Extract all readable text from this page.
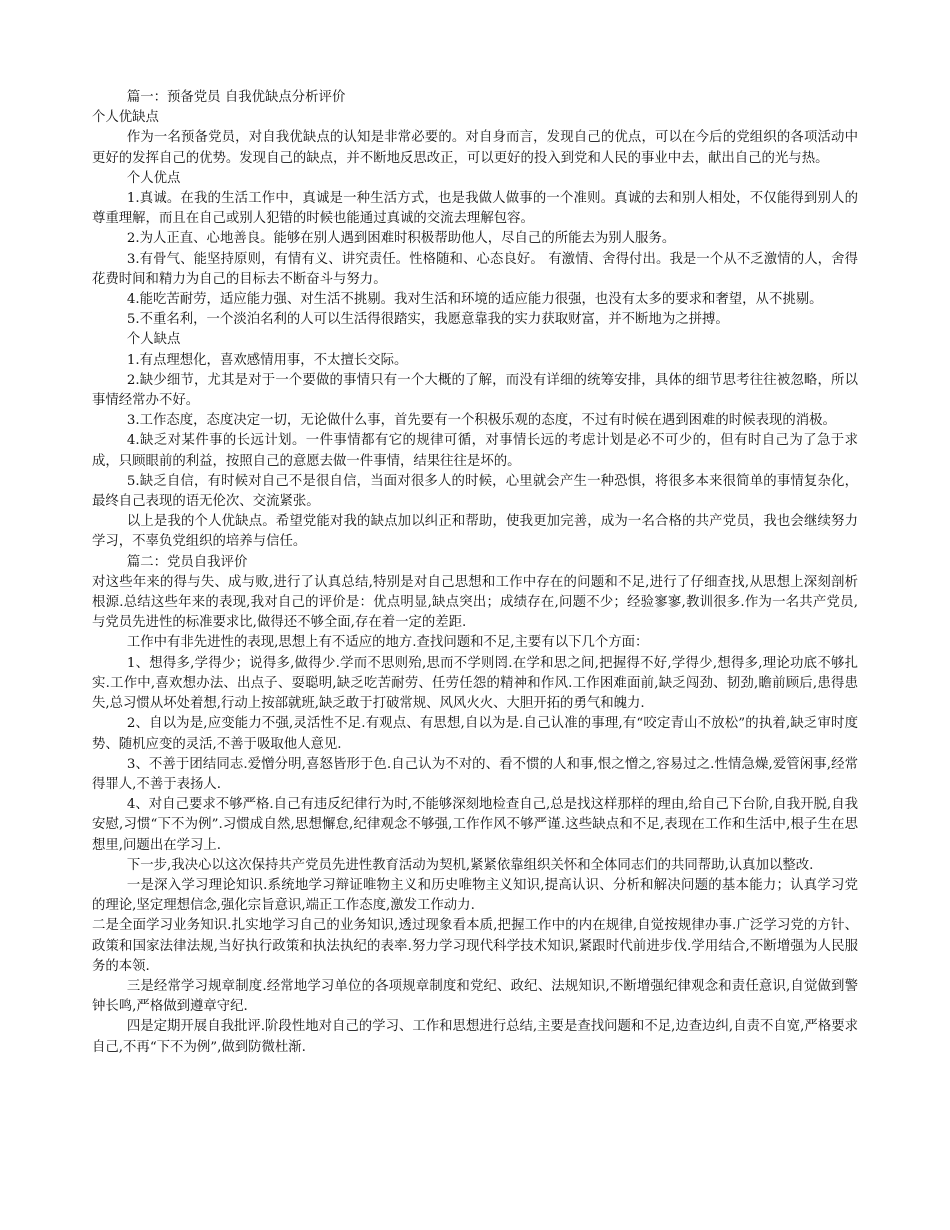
篇一：预备党员 自我优缺点分析评价

个人优缺点

作为一名预备党员，对自我优缺点的认知是非常必要的。对自身而言，发现自己的优点，可以在今后的党组织的各项活动中更好的发挥自己的优势。发现自己的缺点，并不断地反思改正，可以更好的投入到党和人民的事业中去，献出自己的光与热。

个人优点

1.真诚。在我的生活工作中，真诚是一种生活方式，也是我做人做事的一个准则。真诚的去和别人相处，不仅能得到别人的尊重理解，而且在自己或别人犯错的时候也能通过真诚的交流去理解包容。

2.为人正直、心地善良。能够在别人遇到困难时积极帮助他人，尽自己的所能去为别人服务。

3.有骨气、能坚持原则，有情有义、讲究责任。性格随和、心态良好。 有激情、舍得付出。我是一个从不乏激情的人，舍得花费时间和精力为自己的目标去不断奋斗与努力。

4.能吃苦耐劳，适应能力强、对生活不挑剔。我对生活和环境的适应能力很强，也没有太多的要求和奢望，从不挑剔。

5.不重名利，一个淡泊名利的人可以生活得很踏实，我愿意靠我的实力获取财富，并不断地为之拼搏。

个人缺点

1.有点理想化，喜欢感情用事，不太擅长交际。

2.缺少细节，尤其是对于一个要做的事情只有一个大概的了解，而没有详细的统筹安排，具体的细节思考往往被忽略，所以事情经常办不好。

3.工作态度，态度决定一切，无论做什么事，首先要有一个积极乐观的态度，不过有时候在遇到困难的时候表现的消极。

4.缺乏对某件事的长远计划。一件事情都有它的规律可循，对事情长远的考虑计划是必不可少的，但有时自己为了急于求成，只顾眼前的利益，按照自己的意愿去做一件事情，结果往往是坏的。

5.缺乏自信，有时候对自己不是很自信，当面对很多人的时候，心里就会产生一种恐惧，将很多本来很简单的事情复杂化，最终自己表现的语无伦次、交流紧张。

以上是我的个人优缺点。希望党能对我的缺点加以纠正和帮助，使我更加完善，成为一名合格的共产党员，我也会继续努力学习，不辜负党组织的培养与信任。

篇二：党员自我评价

对这些年来的得与失、成与败,进行了认真总结,特别是对自己思想和工作中存在的问题和不足,进行了仔细查找,从思想上深刻剖析根源.总结这些年来的表现,我对自己的评价是：优点明显,缺点突出；成绩存在,问题不少；经验寥寥,教训很多.作为一名共产党员,与党员先进性的标准要求比,做得还不够全面,存在着一定的差距.

工作中有非先进性的表现,思想上有不适应的地方.查找问题和不足,主要有以下几个方面：

1、想得多,学得少；说得多,做得少.学而不思则殆,思而不学则罔.在学和思之间,把握得不好,学得少,想得多,理论功底不够扎实.工作中,喜欢想办法、出点子、耍聪明,缺乏吃苦耐劳、任劳任怨的精神和作风.工作困难面前,缺乏闯劲、韧劲,瞻前顾后,患得患失,总习惯从坏处着想,行动上按部就班,缺乏敢于打破常规、风风火火、大胆开拓的勇气和魄力.

2、自以为是,应变能力不强,灵活性不足.有观点、有思想,自以为是.自己认准的事理,有“咬定青山不放松”的执着,缺乏审时度势、随机应变的灵活,不善于吸取他人意见.

3、不善于团结同志.爱憎分明,喜怒皆形于色.自己认为不对的、看不惯的人和事,恨之憎之,容易过之.性情急燥,爱管闲事,经常得罪人,不善于表扬人.

4、对自己要求不够严格.自己有违反纪律行为时,不能够深刻地检查自己,总是找这样那样的理由,给自己下台阶,自我开脱,自我安慰,习惯“下不为例”.习惯成自然,思想懈怠,纪律观念不够强,工作作风不够严谨.这些缺点和不足,表现在工作和生活中,根子生在思想里,问题出在学习上.

下一步,我决心以这次保持共产党员先进性教育活动为契机,紧紧依靠组织关怀和全体同志们的共同帮助,认真加以整改.

一是深入学习理论知识.系统地学习辩证唯物主义和历史唯物主义知识,提高认识、分析和解决问题的基本能力；认真学习党的理论,坚定理想信念,强化宗旨意识,端正工作态度,激发工作动力.

二是全面学习业务知识.扎实地学习自己的业务知识,透过现象看本质,把握工作中的内在规律,自觉按规律办事.广泛学习党的方针、政策和国家法律法规,当好执行政策和执法执纪的表率.努力学习现代科学技术知识,紧跟时代前进步伐.学用结合,不断增强为人民服务的本领.

三是经常学习规章制度.经常地学习单位的各项规章制度和党纪、政纪、法规知识,不断增强纪律观念和责任意识,自觉做到警钟长鸣,严格做到遵章守纪.

四是定期开展自我批评.阶段性地对自己的学习、工作和思想进行总结,主要是查找问题和不足,边查边纠,自责不自宽,严格要求自己,不再“下不为例”,做到防微杜渐.
